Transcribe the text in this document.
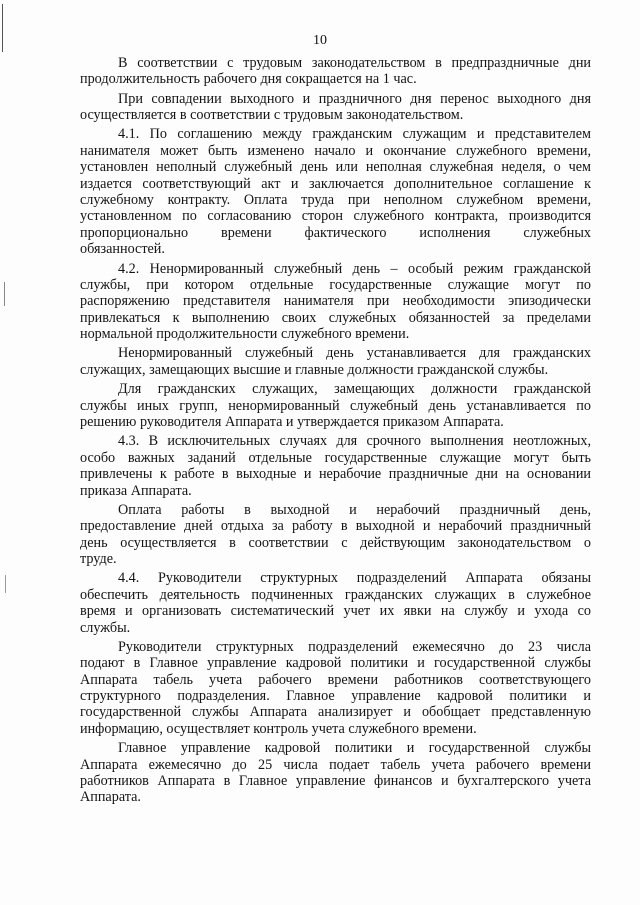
10

В соответствии с трудовым законодательством в предпраздничные дни
продолжительность рабочего дня сокращается на 1 час.

При совпадении выходного и праздничного дня перенос выходного дня
осуществляется в соответствии с трудовым законодательством.

4.1. По соглашению между гражданским служащим и представителем
нанимателя может быть изменено начало и окончание служебного времени,
установлен неполный служебный день или неполная служебная неделя, о чем
издается соответствующий акт и заключается дополнительное соглашение к
служебному контракту. Оплата труда при неполном служебном времени,
установленном по согласованию сторон служебного контракта, производится
пропорционально времени фактического исполнения служебных
обязанностей.

4.2. Ненормированный служебный день – особый режим гражданской
службы, при котором отдельные государственные служащие могут по
распоряжению представителя нанимателя при необходимости эпизодически
привлекаться к выполнению своих служебных обязанностей за пределами
нормальной продолжительности служебного времени.

Ненормированный служебный день устанавливается для гражданских
служащих, замещающих высшие и главные должности гражданской службы.

Для гражданских служащих, замещающих должности гражданской
службы иных групп, ненормированный служебный день устанавливается по
решению руководителя Аппарата и утверждается приказом Аппарата.

4.3. В исключительных случаях для срочного выполнения неотложных,
особо важных заданий отдельные государственные служащие могут быть
привлечены к работе в выходные и нерабочие праздничные дни на основании
приказа Аппарата.

Оплата работы в выходной и нерабочий праздничный день,
предоставление дней отдыха за работу в выходной и нерабочий праздничный
день осуществляется в соответствии с действующим законодательством о
труде.

4.4. Руководители структурных подразделений Аппарата обязаны
обеспечить деятельность подчиненных гражданских служащих в служебное
время и организовать систематический учет их явки на службу и ухода со
службы.

Руководители структурных подразделений ежемесячно до 23 числа
подают в Главное управление кадровой политики и государственной службы
Аппарата табель учета рабочего времени работников соответствующего
структурного подразделения. Главное управление кадровой политики и
государственной службы Аппарата анализирует и обобщает представленную
информацию, осуществляет контроль учета служебного времени.

Главное управление кадровой политики и государственной службы
Аппарата ежемесячно до 25 числа подает табель учета рабочего времени
работников Аппарата в Главное управление финансов и бухгалтерского учета
Аппарата.
